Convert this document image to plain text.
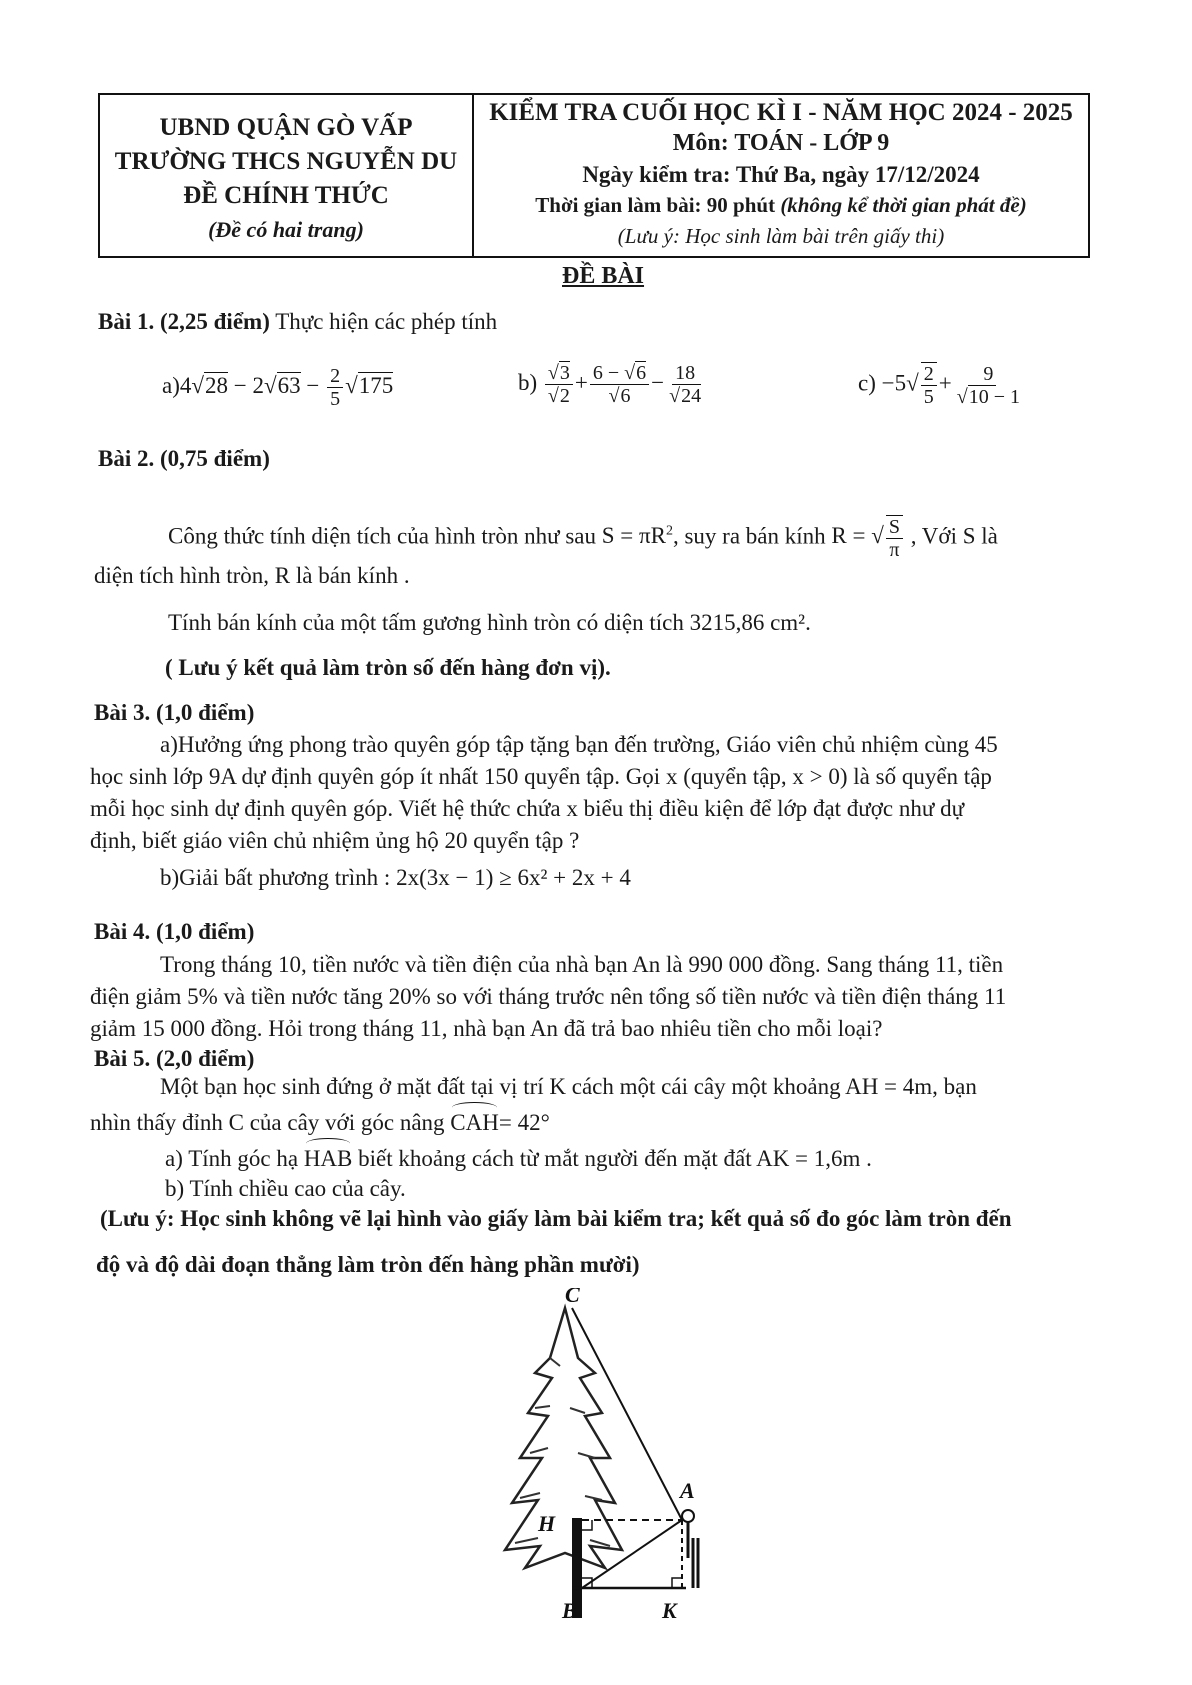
UBND QUẬN GÒ VẤP
TRƯỜNG THCS NGUYỄN DU
ĐỀ CHÍNH THỨC
(Đề có hai trang)
KIỂM TRA CUỐI HỌC KÌ I - NĂM HỌC 2024 - 2025
Môn: TOÁN - LỚP 9
Ngày kiểm tra: Thứ Ba, ngày 17/12/2024
Thời gian làm bài: 90 phút (không kể thời gian phát đề)
(Lưu ý: Học sinh làm bài trên giấy thi)
ĐỀ BÀI
Bài 1. (2,25 điểm) Thực hiện các phép tính
$a)4√28 - 2√63 - \frac{2}{5} √175$	$b) \frac{√3}{√2} + \frac{6 - √6}{√6} - \frac{18}{√24}$	$c) -5√ \frac{2}{5} + \frac{9}{√10 - 1}$
Bài 2. (0,75 điểm)
Công thức tính diện tích của hình tròn như sau $S = \pi R^2$, suy ra bán kính R = √ $\frac{S}{\pi}$ , Với S là
diện tích hình tròn, R là bán kính .
Tính bán kính của một tấm gương hình tròn có diện tích 3215,86 cm².
( Lưu ý kết quả làm tròn số đến hàng đơn vị).
Bài 3. (1,0 điểm)
a)Hưởng ứng phong trào quyên góp tập tặng bạn đến trường, Giáo viên chủ nhiệm cùng 45
học sinh lớp 9A dự định quyên góp ít nhất 150 quyển tập. Gọi x (quyển tập, x > 0) là số quyển tập
mỗi học sinh dự định quyên góp. Viết hệ thức chứa x biểu thị điều kiện để lớp đạt được như dự
định, biết giáo viên chủ nhiệm ủng hộ 20 quyển tập ?
b)Giải bất phương trình : 2x(3x − 1) ≥ 6x² + 2x + 4
Bài 4. (1,0 điểm)
Trong tháng 10, tiền nước và tiền điện của nhà bạn An là 990 000 đồng. Sang tháng 11, tiền
điện giảm 5% và tiền nước tăng 20% so với tháng trước nên tổng số tiền nước và tiền điện tháng 11
giảm 15 000 đồng. Hỏi trong tháng 11, nhà bạn An đã trả bao nhiêu tiền cho mỗi loại?
Bài 5. (2,0 điểm)
Một bạn học sinh đứng ở mặt đất tại vị trí K cách một cái cây một khoảng AH = 4m, bạn
nhìn thấy đỉnh C của cây với góc nâng CAH= 42°
a) Tính góc hạ HAB biết khoảng cách từ mắt người đến mặt đất AK = 1,6m .
b) Tính chiều cao của cây.
(Lưu ý: Học sinh không vẽ lại hình vào giấy làm bài kiểm tra; kết quả số đo góc làm tròn đến
độ và độ dài đoạn thẳng làm tròn đến hàng phần mười)
C
A
H
B	K
